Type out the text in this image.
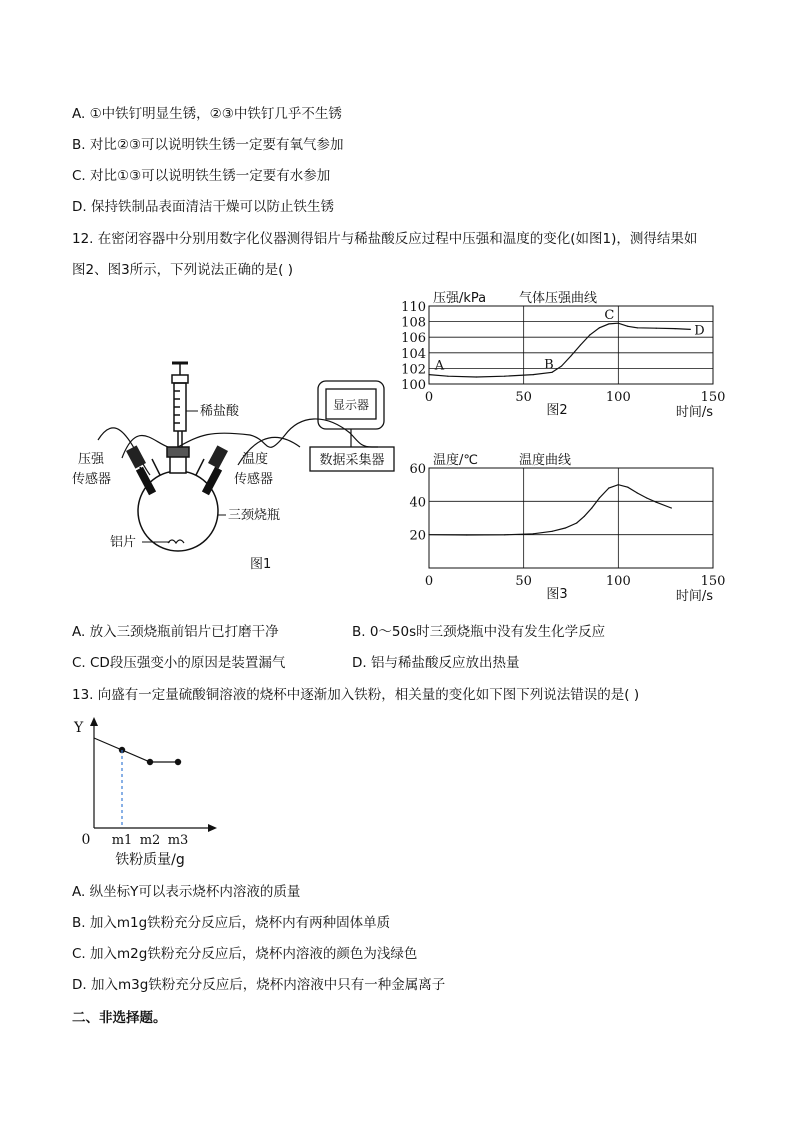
A. ①中铁钉明显生锈，②③中铁钉几乎不生锈
B. 对比②③可以说明铁生锈一定要有氧气参加
C. 对比①③可以说明铁生锈一定要有水参加
D. 保持铁制品表面清洁干燥可以防止铁生锈
12. 在密闭容器中分别用数字化仪器测得铝片与稀盐酸反应过程中压强和温度的变化(如图1)，测得结果如
图2、图3所示，下列说法正确的是( )
稀盐酸	显示器
数据采集器
压强
传感器
温度
传感器
三颈烧瓶
铝片
图1
100
102
104
106
108
110
0	50	100	150
压强/kPa	气体压强曲线
时间/s
图2
A	B
C
D
20
40
60
0	50	100	150
温度/℃	温度曲线
时间/s
图3
A. 放入三颈烧瓶前铝片已打磨干净	B. 0～50s时三颈烧瓶中没有发生化学反应
C. CD段压强变小的原因是装置漏气	D. 铝与稀盐酸反应放出热量
13. 向盛有一定量硫酸铜溶液的烧杯中逐渐加入铁粉，相关量的变化如下图下列说法错误的是( )
Y
0 m1 m2 m3
铁粉质量/g
A. 纵坐标Y可以表示烧杯内溶液的质量
B. 加入m1g铁粉充分反应后，烧杯内有两种固体单质
C. 加入m2g铁粉充分反应后，烧杯内溶液的颜色为浅绿色
D. 加入m3g铁粉充分反应后，烧杯内溶液中只有一种金属离子
二、非选择题。
